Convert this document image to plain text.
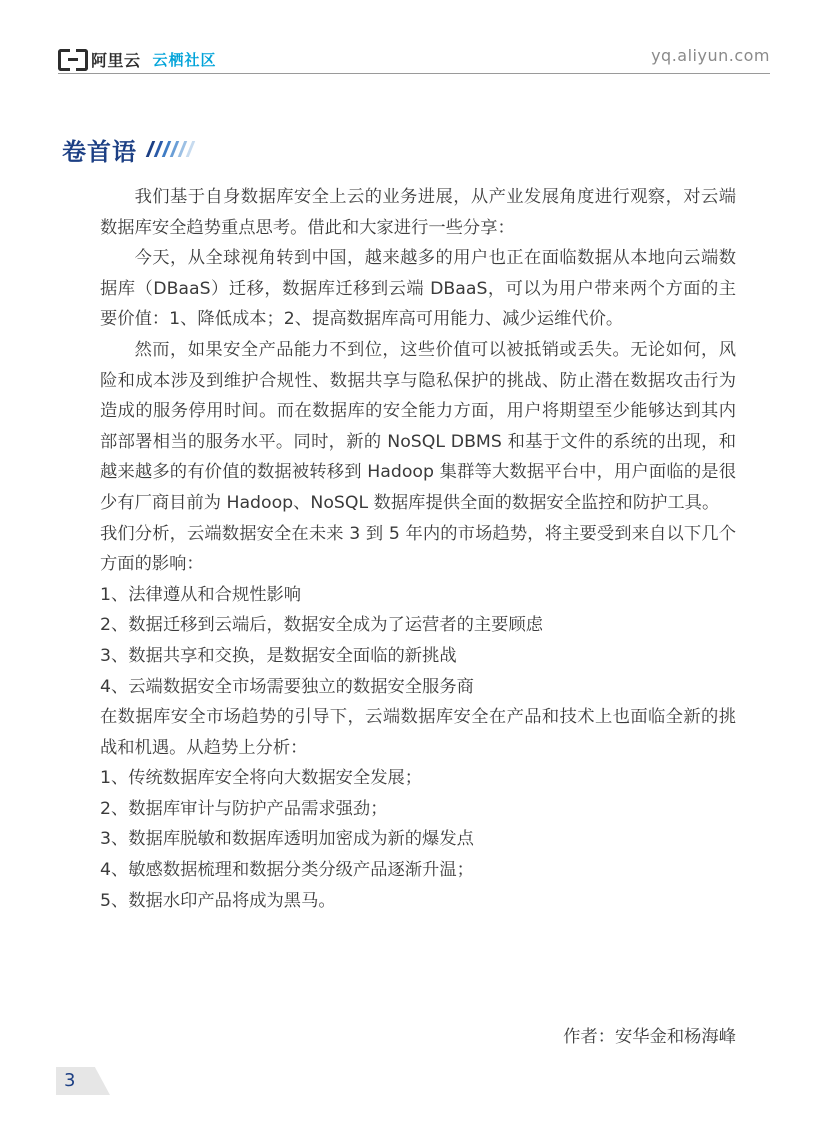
阿里云 云栖社区	yq.aliyun.com
卷首语

我们基于自身数据库安全上云的业务进展，从产业发展角度进行观察，对云端数据库安全趋势重点思考。借此和大家进行一些分享：

今天，从全球视角转到中国，越来越多的用户也正在面临数据从本地向云端数据库（DBaaS）迁移，数据库迁移到云端 DBaaS，可以为用户带来两个方面的主要价值：1、降低成本；2、提高数据库高可用能力、减少运维代价。

然而，如果安全产品能力不到位，这些价值可以被抵销或丢失。无论如何，风险和成本涉及到维护合规性、数据共享与隐私保护的挑战、防止潜在数据攻击行为造成的服务停用时间。而在数据库的安全能力方面，用户将期望至少能够达到其内部部署相当的服务水平。同时，新的 NoSQL DBMS 和基于文件的系统的出现，和越来越多的有价值的数据被转移到 Hadoop 集群等大数据平台中，用户面临的是很少有厂商目前为 Hadoop、NoSQL 数据库提供全面的数据安全监控和防护工具。

我们分析，云端数据安全在未来 3 到 5 年内的市场趋势，将主要受到来自以下几个方面的影响：

1、法律遵从和合规性影响

2、数据迁移到云端后，数据安全成为了运营者的主要顾虑

3、数据共享和交换，是数据安全面临的新挑战

4、云端数据安全市场需要独立的数据安全服务商

在数据库安全市场趋势的引导下，云端数据库安全在产品和技术上也面临全新的挑战和机遇。从趋势上分析：

1、传统数据库安全将向大数据安全发展；

2、数据库审计与防护产品需求强劲；

3、数据库脱敏和数据库透明加密成为新的爆发点

4、敏感数据梳理和数据分类分级产品逐渐升温；

5、数据水印产品将成为黑马。

作者：安华金和杨海峰
3
